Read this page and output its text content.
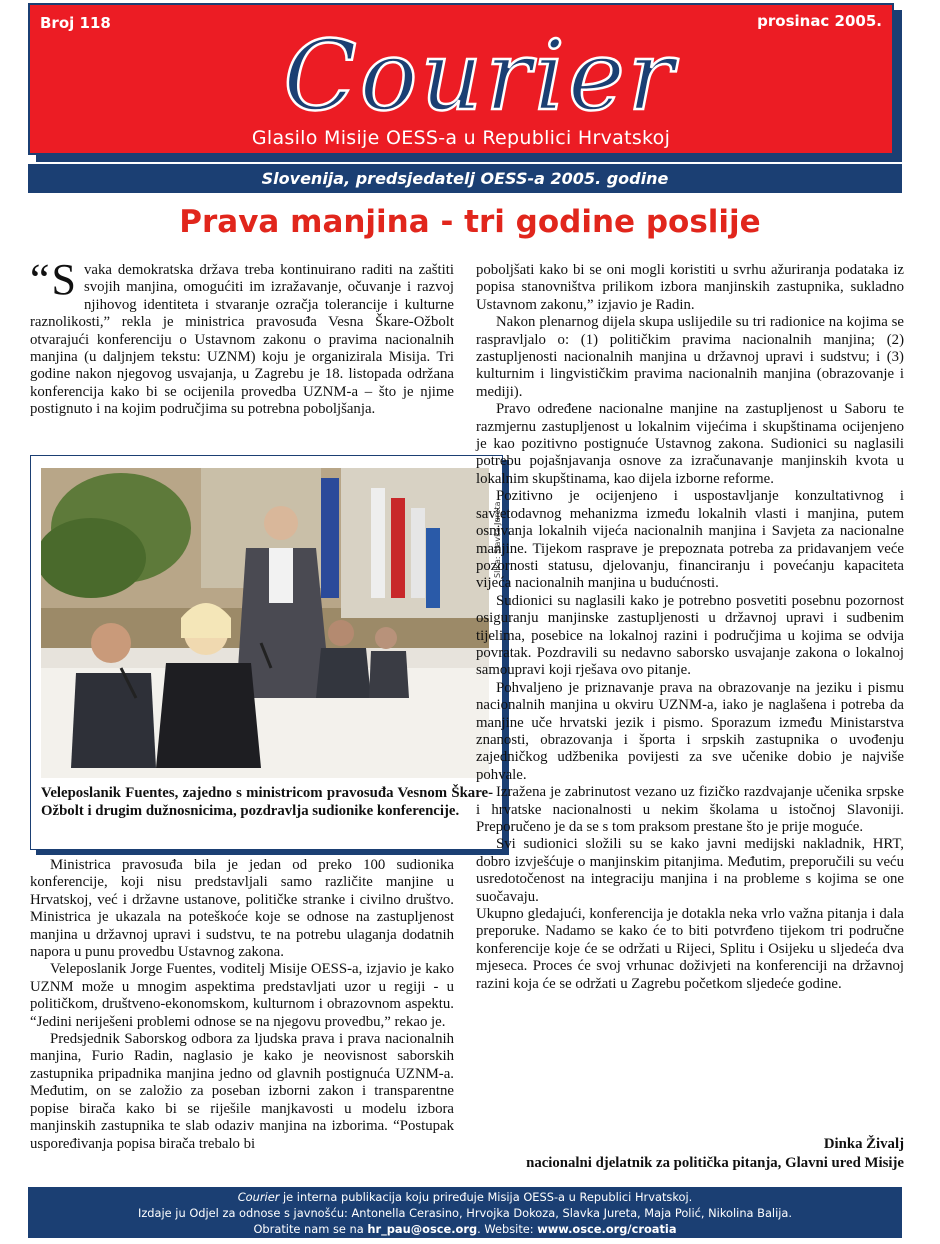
Broj 118	prosinac 2005.
Courier
Glasilo Misije OESS-a u Republici Hrvatskoj
Slovenija, predsjedatelj OESS-a 2005. godine
Prava manjina - tri godine poslije

“ S vaka demokratska država treba kontinuirano raditi na zaštiti svojih manjina, omogućiti im izražavanje, očuvanje i razvoj njihovog identiteta i stvaranje ozračja tolerancije i kulturne raznolikosti,” rekla je ministrica pravosuđa Vesna Škare-Ožbolt otvarajući konferenciju o Ustavnom zakonu o pravima nacionalnih manjina (u daljnjem tekstu: UZNM) koju je organizirala Misija. Tri godine nakon njegovog usvajanja, u Zagrebu je 18. listopada održana konferencija kako bi se ocijenila provedba UZNM-a – što je njime postignuto i na kojim područjima su potrebna poboljšanja.

Slika: Slavka Jureta
Veleposlanik Fuentes, zajedno s ministricom pravosuđa Vesnom Škare-Ožbolt i drugim dužnosnicima, pozdravlja sudionike konferencije.

Ministrica pravosuđa bila je jedan od preko 100 sudionika konferencije, koji nisu predstavljali samo različite manjine u Hrvatskoj, već i državne ustanove, političke stranke i civilno društvo. Ministrica je ukazala na poteškoće koje se odnose na zastupljenost manjina u državnoj upravi i sudstvu, te na potrebu ulaganja dodatnih napora u punu provedbu Ustavnog zakona.

Veleposlanik Jorge Fuentes, voditelj Misije OESS-a, izjavio je kako UZNM može u mnogim aspektima predstavljati uzor u regiji - u političkom, društveno-ekonomskom, kulturnom i obrazovnom aspektu. “Jedini neriješeni problemi odnose se na njegovu provedbu,” rekao je.

Predsjednik Saborskog odbora za ljudska prava i prava nacionalnih manjina, Furio Radin, naglasio je kako je neovisnost saborskih zastupnika pripadnika manjina jedno od glavnih postignuća UZNM-a. Međutim, on se založio za poseban izborni zakon i transparentne popise birača kako bi se riješile manjkavosti u modelu izbora manjinskih zastupnika te slab odaziv manjina na izborima. “Postupak uspoređivanja popisa birača trebalo bi

poboljšati kako bi se oni mogli koristiti u svrhu ažuriranja podataka iz popisa stanovništva prilikom izbora manjinskih zastupnika, sukladno Ustavnom zakonu,” izjavio je Radin.

Nakon plenarnog dijela skupa uslijedile su tri radionice na kojima se raspravljalo o: (1) političkim pravima nacionalnih manjina; (2) zastupljenosti nacionalnih manjina u državnoj upravi i sudstvu; i (3) kulturnim i lingvističkim pravima nacionalnih manjina (obrazovanje i mediji).

Pravo određene nacionalne manjine na zastupljenost u Saboru te razmjernu zastupljenost u lokalnim vijećima i skupštinama ocijenjeno je kao pozitivno postignuće Ustavnog zakona. Sudionici su naglasili potrebu pojašnjavanja osnove za izračunavanje manjinskih kvota u lokalnim skupštinama, kao dijela izborne reforme.

Pozitivno je ocijenjeno i uspostavljanje konzultativnog i savjetodavnog mehanizma između lokalnih vlasti i manjina, putem osnivanja lokalnih vijeća nacionalnih manjina i Savjeta za nacionalne manjine. Tijekom rasprave je prepoznata potreba za pridavanjem veće pozornosti statusu, djelovanju, financiranju i povećanju kapaciteta vijeća nacionalnih manjina u budućnosti.

Sudionici su naglasili kako je potrebno posvetiti posebnu pozornost osiguranju manjinske zastupljenosti u državnoj upravi i sudbenim tijelima, posebice na lokalnoj razini i područjima u kojima se odvija povratak. Pozdravili su nedavno saborsko usvajanje zakona o lokalnoj samoupravi koji rješava ovo pitanje.

Pohvaljeno je priznavanje prava na obrazovanje na jeziku i pismu nacionalnih manjina u okviru UZNM-a, iako je naglašena i potreba da manjine uče hrvatski jezik i pismo. Sporazum između Ministarstva znanosti, obrazovanja i športa i srpskih zastupnika o uvođenju zajedničkog udžbenika povijesti za sve učenike dobio je najviše pohvale.

Izražena je zabrinutost vezano uz fizičko razdvajanje učenika srpske i hrvatske nacionalnosti u nekim školama u istočnoj Slavoniji. Preporučeno je da se s tom praksom prestane što je prije moguće.

Svi sudionici složili su se kako javni medijski nakladnik, HRT, dobro izvješćuje o manjinskim pitanjima. Međutim, preporučili su veću usredotočenost na integraciju manjina i na probleme s kojima se one suočavaju.

Ukupno gledajući, konferencija je dotakla neka vrlo važna pitanja i dala preporuke. Nadamo se kako će to biti potvrđeno tijekom tri područne konferencije koje će se održati u Rijeci, Splitu i Osijeku u sljedeća dva mjeseca. Proces će svoj vrhunac doživjeti na konferenciji na državnoj razini koja će se održati u Zagrebu početkom sljedeće godine.

Dinka Živalj
nacionalni djelatnik za politička pitanja, Glavni ured Misije
Courier je interna publikacija koju priređuje Misija OESS-a u Republici Hrvatskoj.
Izdaje ju Odjel za odnose s javnošću: Antonella Cerasino, Hrvojka Dokoza, Slavka Jureta, Maja Polić, Nikolina Balija.
Obratite nam se na hr_pau@osce.org. Website: www.osce.org/croatia
